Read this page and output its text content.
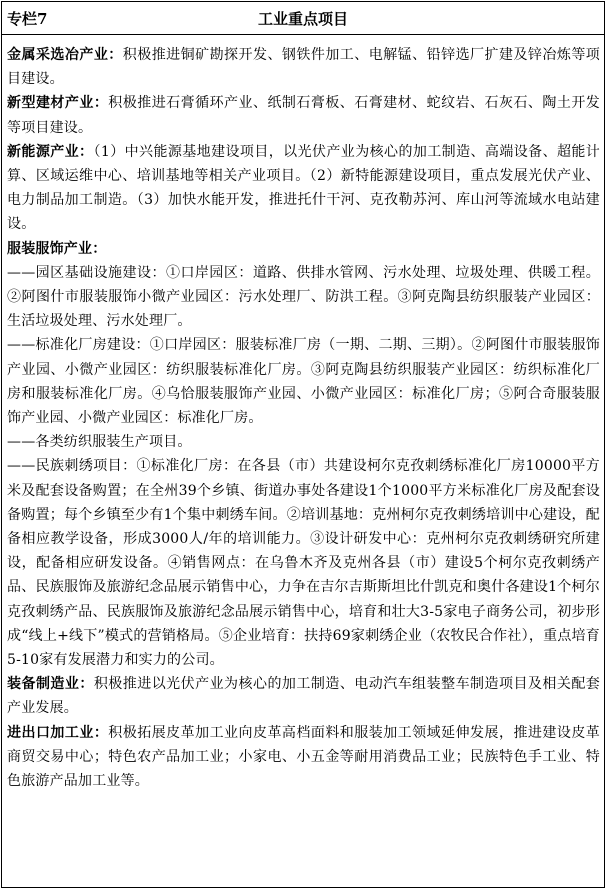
专栏7	工业重点项目

金属采选冶产业：积极推进铜矿勘探开发、钢铁件加工、电解锰、铅锌选厂扩建及锌冶炼等项目建设。

新型建材产业：积极推进石膏循环产业、纸制石膏板、石膏建材、蛇纹岩、石灰石、陶土开发等项目建设。

新能源产业：（1）中兴能源基地建设项目，以光伏产业为核心的加工制造、高端设备、超能计算、区域运维中心、培训基地等相关产业项目。（2）新特能源建设项目，重点发展光伏产业、电力制品加工制造。（3）加快水能开发，推进托什干河、克孜勒苏河、库山河等流域水电站建设。

服装服饰产业：

——园区基础设施建设：①口岸园区：道路、供排水管网、污水处理、垃圾处理、供暖工程。②阿图什市服装服饰小微产业园区：污水处理厂、防洪工程。③阿克陶县纺织服装产业园区：生活垃圾处理、污水处理厂。

——标准化厂房建设：①口岸园区：服装标准厂房（一期、二期、三期）。②阿图什市服装服饰产业园、小微产业园区：纺织服装标准化厂房。③阿克陶县纺织服装产业园区：纺织标准化厂房和服装标准化厂房。④乌恰服装服饰产业园、小微产业园区：标准化厂房；⑤阿合奇服装服饰产业园、小微产业园区：标准化厂房。

——各类纺织服装生产项目。

——民族刺绣项目：①标准化厂房：在各县（市）共建设柯尔克孜刺绣标准化厂房10000平方米及配套设备购置；在全州39个乡镇、街道办事处各建设1个1000平方米标准化厂房及配套设备购置；每个乡镇至少有1个集中刺绣车间。②培训基地：克州柯尔克孜刺绣培训中心建设，配备相应教学设备，形成3000人/年的培训能力。③设计研发中心：克州柯尔克孜刺绣研究所建设，配备相应研发设备。④销售网点：在乌鲁木齐及克州各县（市）建设5个柯尔克孜刺绣产品、民族服饰及旅游纪念品展示销售中心，力争在吉尔吉斯斯坦比什凯克和奥什各建设1个柯尔克孜刺绣产品、民族服饰及旅游纪念品展示销售中心，培育和壮大3-5家电子商务公司，初步形成“线上+线下”模式的营销格局。⑤企业培育：扶持69家刺绣企业（农牧民合作社），重点培育5-10家有发展潜力和实力的公司。

装备制造业：积极推进以光伏产业为核心的加工制造、电动汽车组装整车制造项目及相关配套产业发展。

进出口加工业：积极拓展皮革加工业向皮革高档面料和服装加工领域延伸发展，推进建设皮革商贸交易中心；特色农产品加工业；小家电、小五金等耐用消费品工业；民族特色手工业、特色旅游产品加工业等。
